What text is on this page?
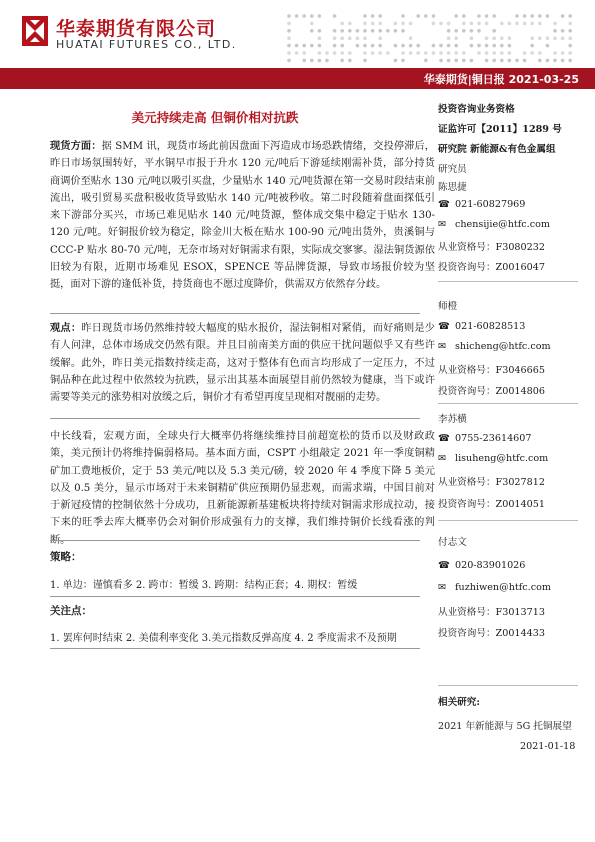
华泰期货有限公司
HUATAI FUTURES CO., LTD.
华泰期货|铜日报 2021-03-25
美元持续走高 但铜价相对抗跌
现货方面：据 SMM 讯，现货市场此前因盘面下泻造成市场恐跌情绪，交投停滞后，昨日市场氛围转好，平水铜早市报于升水 120 元/吨后下游延续刚需补货，部分持货商调价至贴水 130 元/吨以吸引买盘，少量贴水 140 元/吨货源在第一交易时段结束前流出，吸引贸易买盘积极收货导致贴水 140 元/吨被秒收。第二时段随着盘面探低引来下游部分买兴，市场已难见贴水 140 元/吨货源，整体成交集中稳定于贴水 130-120 元/吨。好铜报价较为稳定，除金川大板在贴水 100-90 元/吨出货外，贵溪铜与 CCC-P 贴水 80-70 元/吨，无奈市场对好铜需求有限，实际成交寥寥。湿法铜货源依旧较为有限，近期市场难见 ESOX，SPENCE 等品牌货源，导致市场报价较为坚挺，面对下游的逢低补货，持货商也不愿过度降价，供需双方依然存分歧。
观点：昨日现货市场仍然维持较大幅度的贴水报价，湿法铜相对紧俏，而好痛则是少有人问津，总体市场成交仍然有限。并且目前南美方面的供应干扰问题似乎又有些许缓解。此外，昨日美元指数持续走高，这对于整体有色而言均形成了一定压力，不过铜品种在此过程中依然较为抗跌，显示出其基本面展望目前仍然较为健康，当下或许需要等美元的涨势相对放缓之后，铜价才有希望再度呈现相对靓丽的走势。
中长线看，宏观方面，全球央行大概率仍将继续维持目前超宽松的货币以及财政政策，美元预计仍将维持偏弱格局。基本面方面，CSPT 小组敲定 2021 年一季度铜精矿加工费地板价，定于 53 美元/吨以及 5.3 美元/磅，较 2020 年 4 季度下降 5 美元以及 0.5 美分，显示市场对于未来铜精矿供应预期仍显悲观，而需求端，中国目前对于新冠疫情的控制依然十分成功，且新能源新基建板块将持续对铜需求形成拉动，接下来的旺季去库大概率仍会对铜价形成强有力的支撑，我们维持铜价长线看涨的判断。
策略：
1. 单边：谨慎看多 2. 跨市：暂缓 3. 跨期：结构正套；4. 期权：暂缓
关注点：
1. 罢库何时结束 2. 美债利率变化 3.美元指数反弹高度 4. 2 季度需求不及预期
投资咨询业务资格
证监许可【2011】1289 号
研究院 新能源&有色金属组
研究员
陈思捷
☎ 021-60827969
✉ chensijie@htfc.com
从业资格号：F3080232
投资咨询号：Z0016047
师橙
☎ 021-60828513
✉ shicheng@htfc.com
从业资格号：F3046665
投资咨询号：Z0014806
李苏横
☎ 0755-23614607
✉ lisuheng@htfc.com
从业资格号：F3027812
投资咨询号：Z0014051
付志文
☎ 020-83901026
✉ fuzhiwen@htfc.com
从业资格号：F3013713
投资咨询号：Z0014433
相关研究:
2021 年新能源与 5G 托铜展望
2021-01-18
